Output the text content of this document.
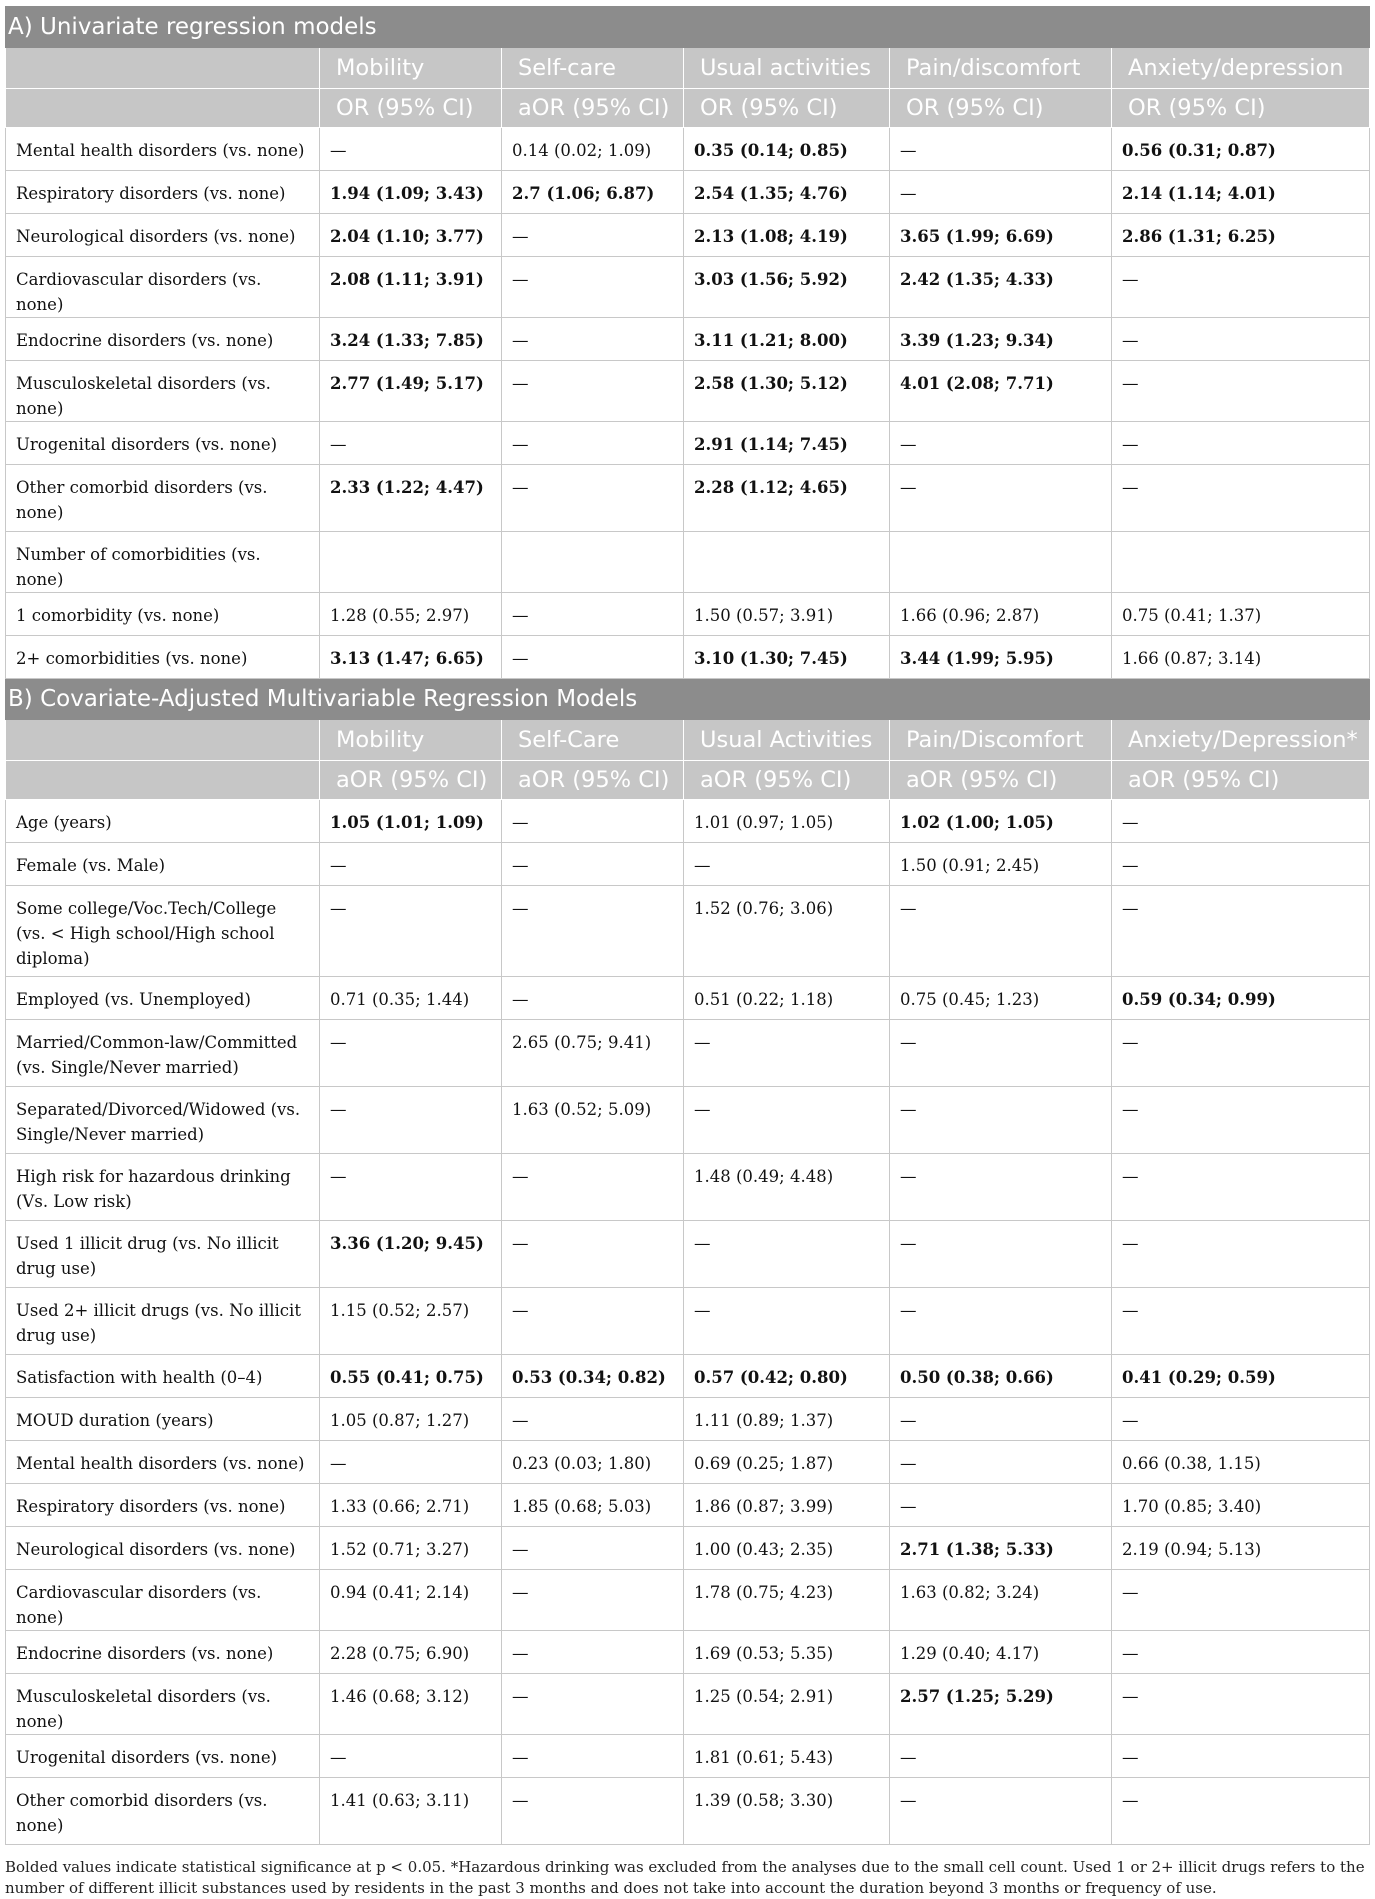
A) Univariate regression models					
	Mobility	Self-care	Usual activities	Pain/discomfort	Anxiety/depression
	OR (95% CI)	aOR (95% CI)	OR (95% CI)	OR (95% CI)	OR (95% CI)
Mental health disorders (vs. none)	—	0.14 (0.02; 1.09)	0.35 (0.14; 0.85)	—	0.56 (0.31; 0.87)
Respiratory disorders (vs. none)	1.94 (1.09; 3.43)	2.7 (1.06; 6.87)	2.54 (1.35; 4.76)	—	2.14 (1.14; 4.01)
Neurological disorders (vs. none)	2.04 (1.10; 3.77)	—	2.13 (1.08; 4.19)	3.65 (1.99; 6.69)	2.86 (1.31; 6.25)
Cardiovascular disorders (vs. none)	2.08 (1.11; 3.91)	—	3.03 (1.56; 5.92)	2.42 (1.35; 4.33)	—
Endocrine disorders (vs. none)	3.24 (1.33; 7.85)	—	3.11 (1.21; 8.00)	3.39 (1.23; 9.34)	—
Musculoskeletal disorders (vs. none)	2.77 (1.49; 5.17)	—	2.58 (1.30; 5.12)	4.01 (2.08; 7.71)	—
Urogenital disorders (vs. none)	—	—	2.91 (1.14; 7.45)	—	—
Other comorbid disorders (vs. none)	2.33 (1.22; 4.47)	—	2.28 (1.12; 4.65)	—	—
Number of comorbidities (vs. none)					
1 comorbidity (vs. none)	1.28 (0.55; 2.97)	—	1.50 (0.57; 3.91)	1.66 (0.96; 2.87)	0.75 (0.41; 1.37)
2+ comorbidities (vs. none)	3.13 (1.47; 6.65)	—	3.10 (1.30; 7.45)	3.44 (1.99; 5.95)	1.66 (0.87; 3.14)
B) Covariate-Adjusted Multivariable Regression Models					
	Mobility	Self-Care	Usual Activities	Pain/Discomfort	Anxiety/Depression*
	aOR (95% CI)	aOR (95% CI)	aOR (95% CI)	aOR (95% CI)	aOR (95% CI)
Age (years)	1.05 (1.01; 1.09)	—	1.01 (0.97; 1.05)	1.02 (1.00; 1.05)	—
Female (vs. Male)	—	—	—	1.50 (0.91; 2.45)	—
Some college/Voc.Tech/College (vs. < High school/High school diploma)	—	—	1.52 (0.76; 3.06)	—	—
Employed (vs. Unemployed)	0.71 (0.35; 1.44)	—	0.51 (0.22; 1.18)	0.75 (0.45; 1.23)	0.59 (0.34; 0.99)
Married/Common-law/Committed (vs. Single/Never married)	—	2.65 (0.75; 9.41)	—	—	—
Separated/Divorced/Widowed (vs. Single/Never married)	—	1.63 (0.52; 5.09)	—	—	—
High risk for hazardous drinking (Vs. Low risk)	—	—	1.48 (0.49; 4.48)	—	—
Used 1 illicit drug (vs. No illicit drug use)	3.36 (1.20; 9.45)	—	—	—	—
Used 2+ illicit drugs (vs. No illicit drug use)	1.15 (0.52; 2.57)	—	—	—	—
Satisfaction with health (0–4)	0.55 (0.41; 0.75)	0.53 (0.34; 0.82)	0.57 (0.42; 0.80)	0.50 (0.38; 0.66)	0.41 (0.29; 0.59)
MOUD duration (years)	1.05 (0.87; 1.27)	—	1.11 (0.89; 1.37)	—	—
Mental health disorders (vs. none)	—	0.23 (0.03; 1.80)	0.69 (0.25; 1.87)	—	0.66 (0.38, 1.15)
Respiratory disorders (vs. none)	1.33 (0.66; 2.71)	1.85 (0.68; 5.03)	1.86 (0.87; 3.99)	—	1.70 (0.85; 3.40)
Neurological disorders (vs. none)	1.52 (0.71; 3.27)	—	1.00 (0.43; 2.35)	2.71 (1.38; 5.33)	2.19 (0.94; 5.13)
Cardiovascular disorders (vs. none)	0.94 (0.41; 2.14)	—	1.78 (0.75; 4.23)	1.63 (0.82; 3.24)	—
Endocrine disorders (vs. none)	2.28 (0.75; 6.90)	—	1.69 (0.53; 5.35)	1.29 (0.40; 4.17)	—
Musculoskeletal disorders (vs. none)	1.46 (0.68; 3.12)	—	1.25 (0.54; 2.91)	2.57 (1.25; 5.29)	—
Urogenital disorders (vs. none)	—	—	1.81 (0.61; 5.43)	—	—
Other comorbid disorders (vs. none)	1.41 (0.63; 3.11)	—	1.39 (0.58; 3.30)	—	—
Bolded values indicate statistical significance at p < 0.05. *Hazardous drinking was excluded from the analyses due to the small cell count. Used 1 or 2+ illicit drugs refers to the number of different illicit substances used by residents in the past 3 months and does not take into account the duration beyond 3 months or frequency of use.
